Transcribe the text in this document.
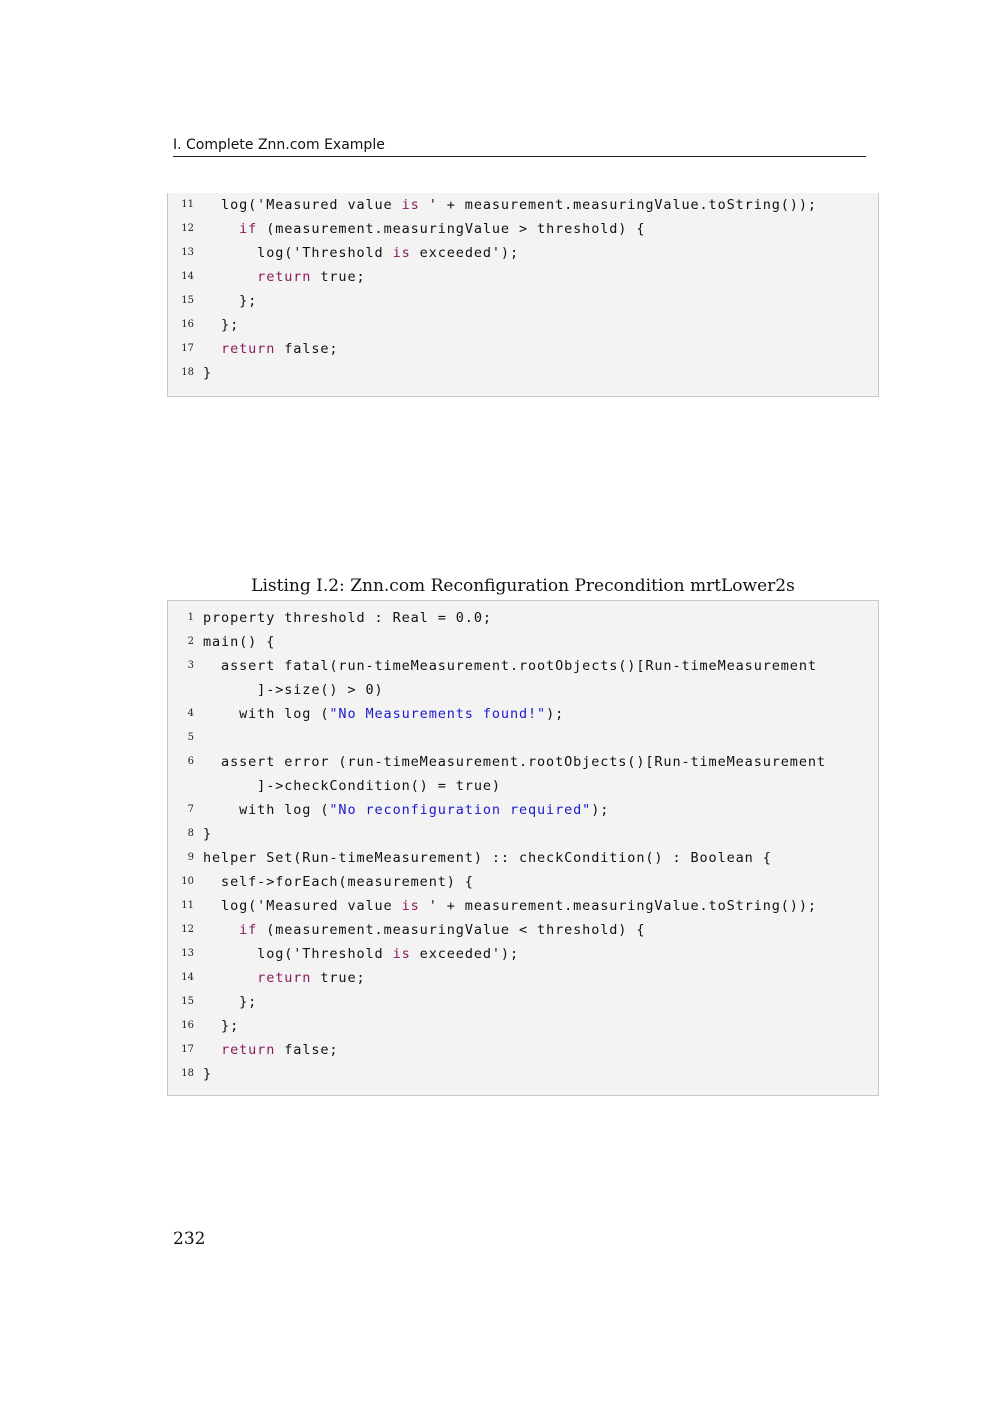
I. Complete Znn.com Example
11 log('Measured value is ' + measurement.measuringValue.toString());
12	if (measurement.measuringValue > threshold) {
13 log('Threshold is exceeded');
14	return true;
15 };
16 };
17	return false;
18 }
Listing I.2: Znn.com Reconfiguration Precondition mrtLower2s
1 property threshold : Real = 0.0;
2 main() {
3 assert fatal(run-timeMeasurement.rootObjects()[Run-timeMeasurement
]->size() > 0)
4 with log ("No Measurements found!");
5
6 assert error (run-timeMeasurement.rootObjects()[Run-timeMeasurement
]->checkCondition() = true)
7 with log ("No reconfiguration required");
8 }
9 helper Set(Run-timeMeasurement) :: checkCondition() : Boolean {
10 self->forEach(measurement) {
11 log('Measured value is ' + measurement.measuringValue.toString());
12	if (measurement.measuringValue < threshold) {
13 log('Threshold is exceeded');
14	return true;
15 };
16 };
17	return false;
18 }
232
